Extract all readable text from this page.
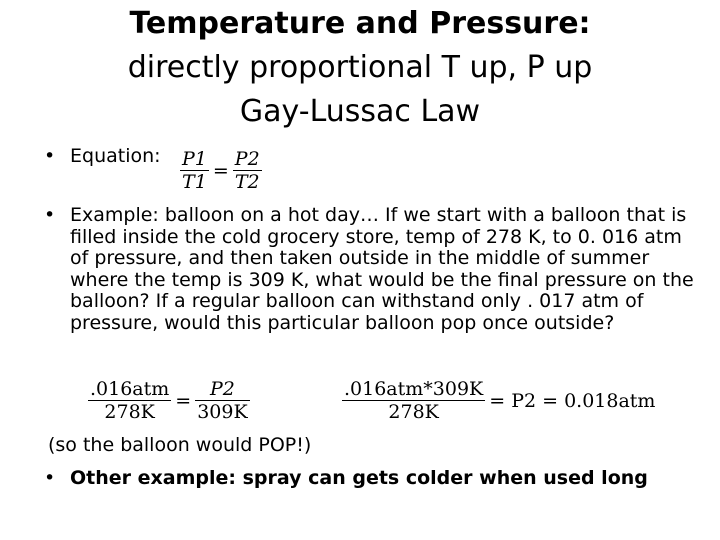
Temperature and Pressure:
directly proportional T up, P up
Gay-Lussac Law
• Equation: $\frac{P1}{T1} = \frac{P2}{T2}$
• Example: balloon on a hot day… If we start with a balloon that is filled inside the cold grocery store, temp of 278 K, to 0. 016 atm of pressure, and then taken outside in the middle of summer where the temp is 309 K, what would be the final pressure on the balloon? If a regular balloon can withstand only . 017 atm of pressure, would this particular balloon pop once outside?
$\frac{\text{.016atm}}{278K} = \frac{P2}{309K}$	$\frac{\text{.016atm*309K}}{278K} = P2 = 0.018atm$
(so the balloon would POP!)
• Other example: spray can gets colder when used long
